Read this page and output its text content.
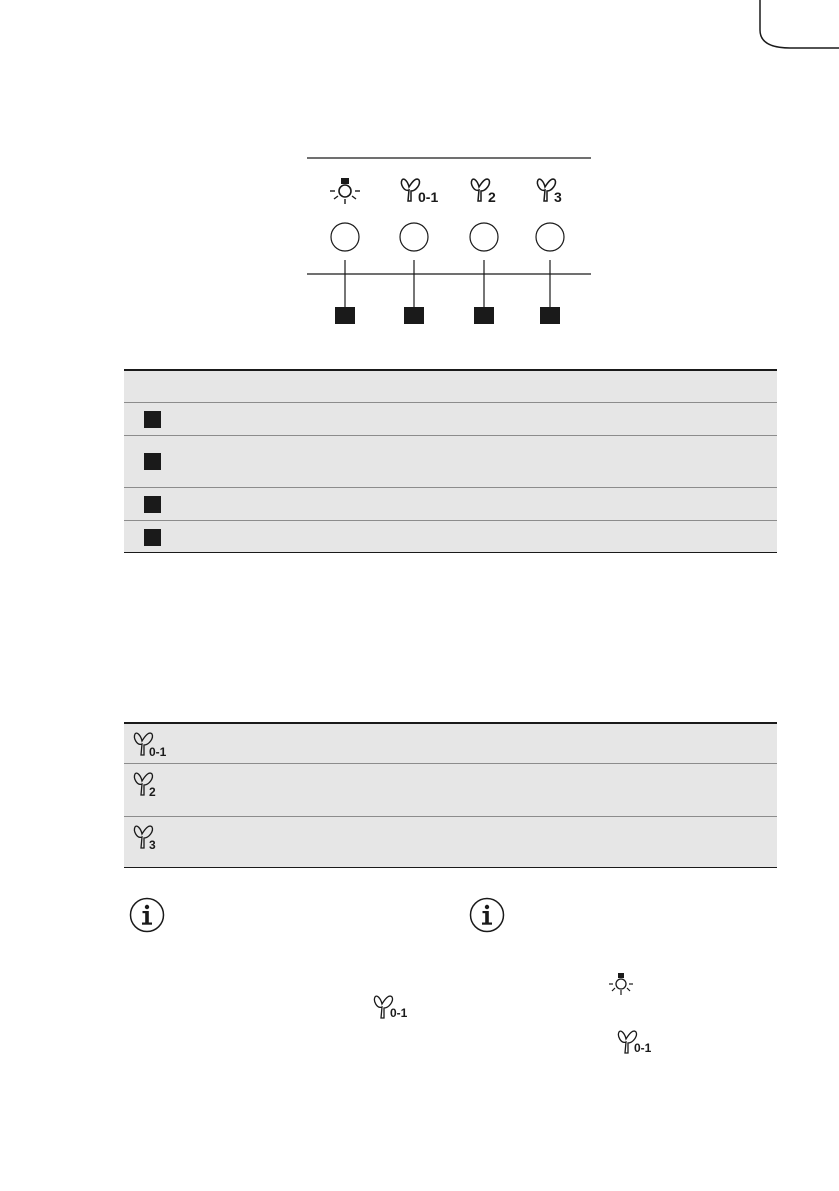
0-1	2	3
0-1
2
3
0-1
0-1
